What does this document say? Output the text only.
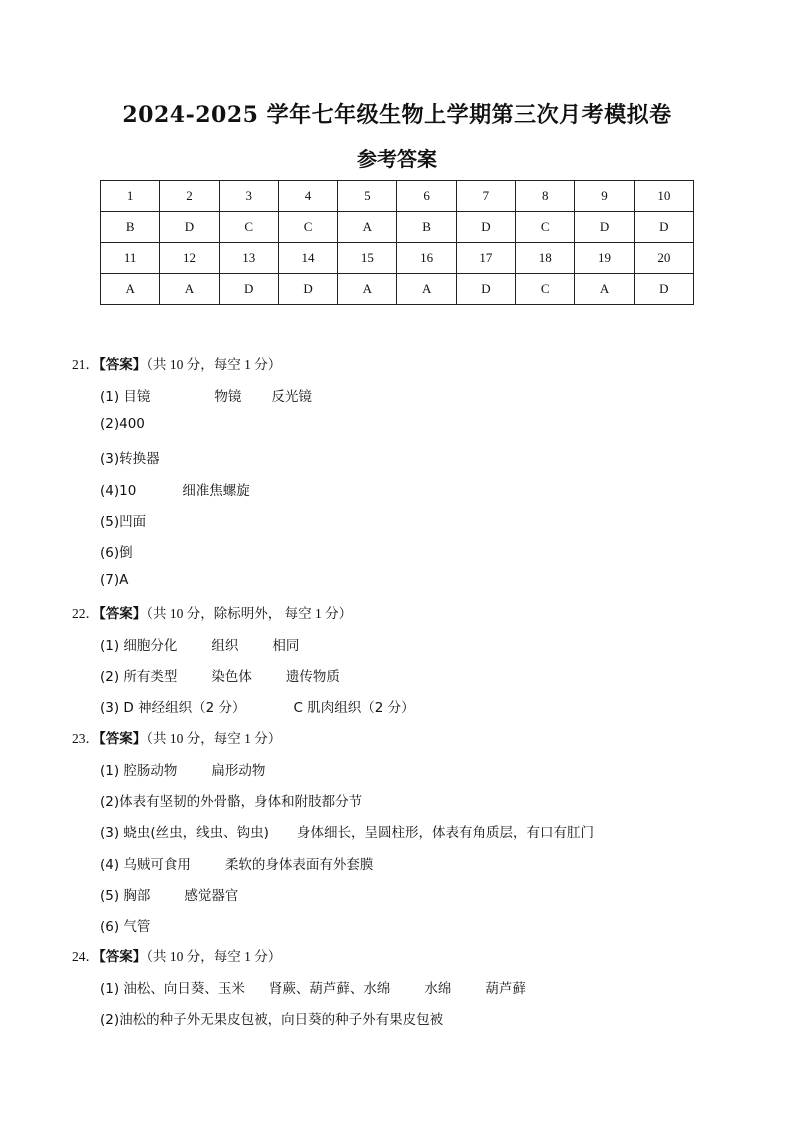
2024-2025 学年七年级生物上学期第三次月考模拟卷
参考答案
1	2	3	4	5	6	7	8	9	10
B	D	C	C	A	B	D	C	D	D
11	12	13	14	15	16	17	18	19	20
A	A	D	D	A	A	D	C	A	D
21．【答案】（共 10 分，每空 1 分）
(1) 目镜	物镜 反光镜
(2)400
(3)转换器
(4)10	细准焦螺旋
(5)凹面
(6)倒
(7)A
22．【答案】（共 10 分，除标明外， 每空 1 分）
(1) 细胞分化	组织	相同
(2) 所有类型	染色体	遗传物质
(3) D 神经组织（2 分）	C 肌肉组织（2 分）
23．【答案】（共 10 分，每空 1 分）
(1) 腔肠动物	扁形动物
(2)体表有坚韧的外骨骼，身体和附肢都分节
(3) 蛲虫(丝虫，线虫、钩虫) 身体细长，呈圆柱形，体表有角质层，有口有肛门
(4) 乌贼可食用	柔软的身体表面有外套膜
(5) 胸部	感觉器官
(6) 气管
24．【答案】（共 10 分，每空 1 分）
(1) 油松、向日葵、玉米 肾蕨、葫芦藓、水绵	水绵	葫芦藓
(2)油松的种子外无果皮包被，向日葵的种子外有果皮包被
